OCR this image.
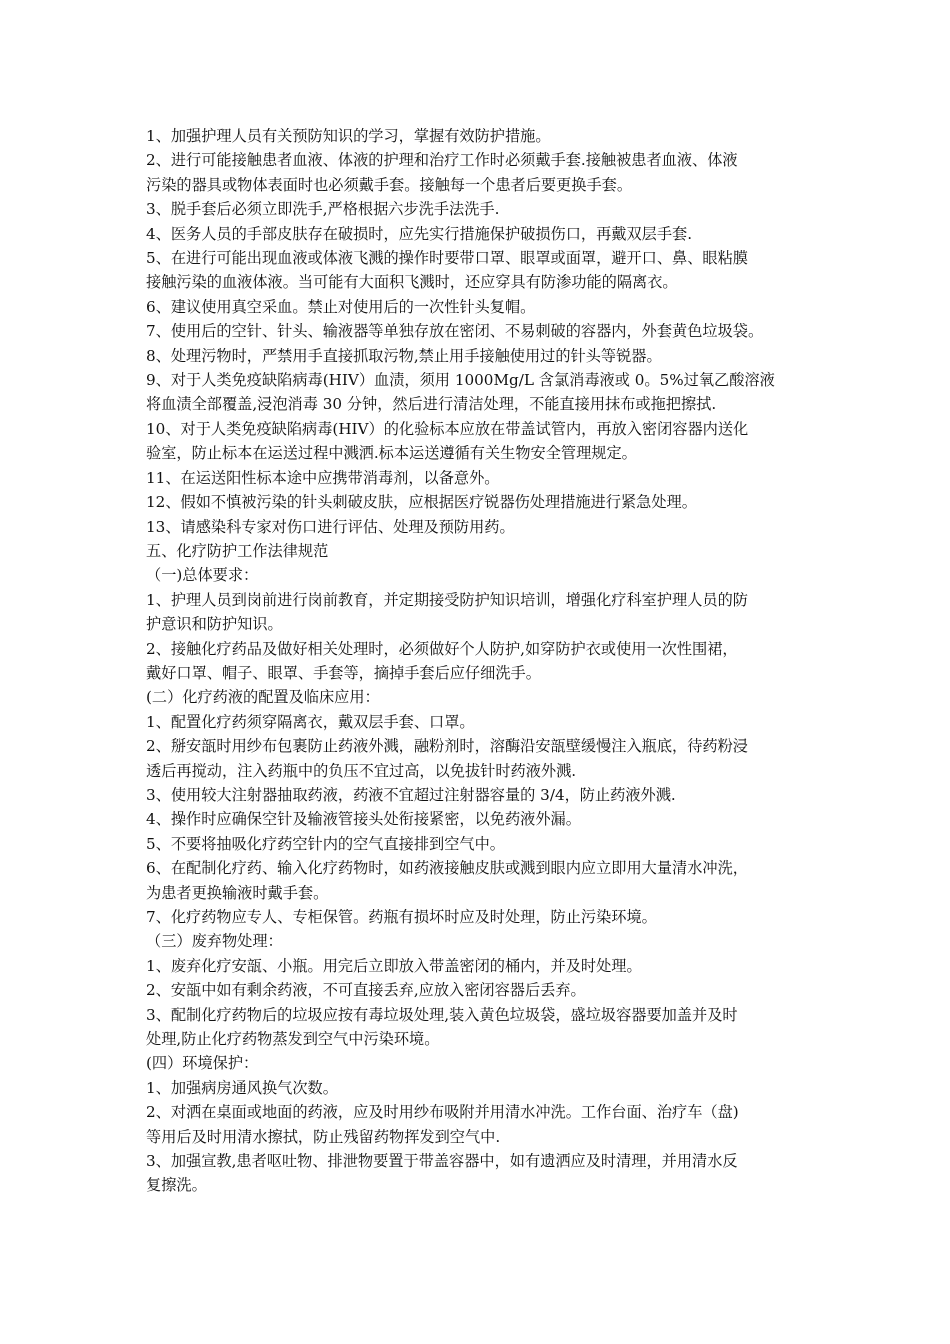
1、加强护理人员有关预防知识的学习，掌握有效防护措施。

2、进行可能接触患者血液、体液的护理和治疗工作时必须戴手套.接触被患者血液、体液

污染的器具或物体表面时也必须戴手套。接触每一个患者后要更换手套。

3、脱手套后必须立即洗手,严格根据六步洗手法洗手.

4、医务人员的手部皮肤存在破损时，应先实行措施保护破损伤口，再戴双层手套.

5、在进行可能出现血液或体液飞溅的操作时要带口罩、眼罩或面罩，避开口、鼻、眼粘膜

接触污染的血液体液。当可能有大面积飞溅时，还应穿具有防渗功能的隔离衣。

6、建议使用真空采血。禁止对使用后的一次性针头复帽。

7、使用后的空针、针头、输液器等单独存放在密闭、不易刺破的容器内，外套黄色垃圾袋。

8、处理污物时，严禁用手直接抓取污物,禁止用手接触使用过的针头等锐器。

9、对于人类免疫缺陷病毒(HIV）血渍，须用 1000Mg/L 含氯消毒液或 0。5%过氧乙酸溶液

将血渍全部覆盖,浸泡消毒 30 分钟，然后进行清洁处理，不能直接用抹布或拖把擦拭.

10、对于人类免疫缺陷病毒(HIV）的化验标本应放在带盖试管内，再放入密闭容器内送化

验室，防止标本在运送过程中溅洒.标本运送遵循有关生物安全管理规定。

11、在运送阳性标本途中应携带消毒剂，以备意外。

12、假如不慎被污染的针头刺破皮肤，应根据医疗锐器伤处理措施进行紧急处理。

13、请感染科专家对伤口进行评估、处理及预防用药。

五、化疗防护工作法律规范

（一)总体要求：

1、护理人员到岗前进行岗前教育，并定期接受防护知识培训，增强化疗科室护理人员的防

护意识和防护知识。

2、接触化疗药品及做好相关处理时，必须做好个人防护,如穿防护衣或使用一次性围裙，

戴好口罩、帽子、眼罩、手套等，摘掉手套后应仔细洗手。

(二）化疗药液的配置及临床应用：

1、配置化疗药须穿隔离衣，戴双层手套、口罩。

2、掰安瓿时用纱布包裹防止药液外溅，融粉剂时，溶酶沿安瓿壁缓慢注入瓶底，待药粉浸

透后再搅动，注入药瓶中的负压不宜过高，以免拔针时药液外溅.

3、使用较大注射器抽取药液，药液不宜超过注射器容量的 3/4，防止药液外溅.

4、操作时应确保空针及输液管接头处衔接紧密，以免药液外漏。

5、不要将抽吸化疗药空针内的空气直接排到空气中。

6、在配制化疗药、输入化疗药物时，如药液接触皮肤或溅到眼内应立即用大量清水冲洗，

为患者更换输液时戴手套。

7、化疗药物应专人、专柜保管。药瓶有损坏时应及时处理，防止污染环境。

（三）废弃物处理：

1、废弃化疗安瓿、小瓶。用完后立即放入带盖密闭的桶内，并及时处理。

2、安瓿中如有剩余药液，不可直接丢弃,应放入密闭容器后丢弃。

3、配制化疗药物后的垃圾应按有毒垃圾处理,装入黄色垃圾袋，盛垃圾容器要加盖并及时

处理,防止化疗药物蒸发到空气中污染环境。

(四）环境保护：

1、加强病房通风换气次数。

2、对洒在桌面或地面的药液，应及时用纱布吸附并用清水冲洗。工作台面、治疗车（盘)

等用后及时用清水擦拭，防止残留药物挥发到空气中.

3、加强宣教,患者呕吐物、排泄物要置于带盖容器中，如有遗洒应及时清理，并用清水反

复擦洗。
